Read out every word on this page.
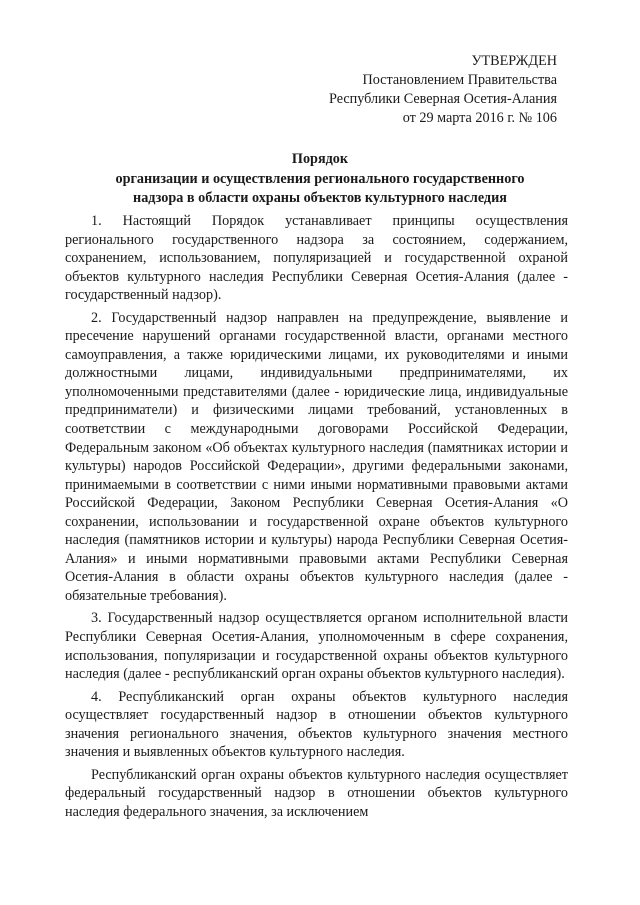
УТВЕРЖДЕН
Постановлением Правительства
Республики Северная Осетия-Алания
от 29 марта 2016 г. № 106
Порядок
организации и осуществления регионального государственного
надзора в области охраны объектов культурного наследия

1. Настоящий Порядок устанавливает принципы осуществления регионального государственного надзора за состоянием, содержанием, сохранением, использованием, популяризацией и государственной охраной объектов культурного наследия Республики Северная Осетия-Алания (далее - государственный надзор).

2. Государственный надзор направлен на предупреждение, выявление и пресечение нарушений органами государственной власти, органами местного самоуправления, а также юридическими лицами, их руководителями и иными должностными лицами, индивидуальными предпринимателями, их уполномоченными представителями (далее - юридические лица, индивидуальные предприниматели) и физическими лицами требований, установленных в соответствии с международными договорами Российской Федерации, Федеральным законом «Об объектах культурного наследия (памятниках истории и культуры) народов Российской Федерации», другими федеральными законами, принимаемыми в соответствии с ними иными нормативными правовыми актами Российской Федерации, Законом Республики Северная Осетия-Алания «О сохранении, использовании и государственной охране объектов культурного наследия (памятников истории и культуры) народа Республики Северная Осетия-Алания» и иными нормативными правовыми актами Республики Северная Осетия-Алания в области охраны объектов культурного наследия (далее - обязательные требования).

3. Государственный надзор осуществляется органом исполнительной власти Республики Северная Осетия-Алания, уполномоченным в сфере сохранения, использования, популяризации и государственной охраны объектов культурного наследия (далее - республиканский орган охраны объектов культурного наследия).

4. Республиканский орган охраны объектов культурного наследия осуществляет государственный надзор в отношении объектов культурного значения регионального значения, объектов культурного значения местного значения и выявленных объектов культурного наследия.

Республиканский орган охраны объектов культурного наследия осуществляет федеральный государственный надзор в отношении объектов культурного наследия федерального значения, за исключением
